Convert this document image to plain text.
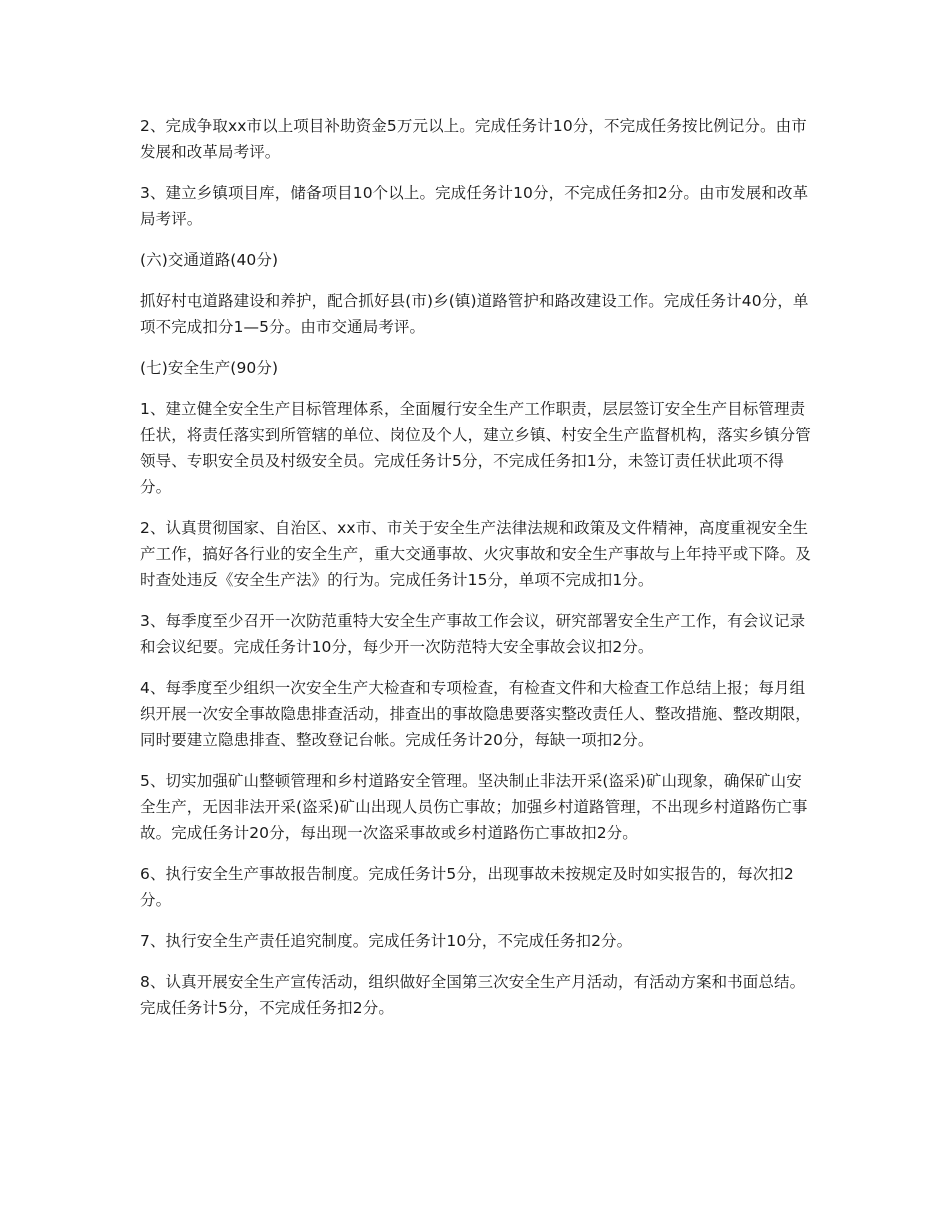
2、完成争取xx市以上项目补助资金5万元以上。完成任务计10分，不完成任务按比例记分。由市发展和改革局考评。

3、建立乡镇项目库，储备项目10个以上。完成任务计10分，不完成任务扣2分。由市发展和改革局考评。

(六)交通道路(40分)

抓好村屯道路建设和养护，配合抓好县(市)乡(镇)道路管护和路改建设工作。完成任务计40分，单项不完成扣分1—5分。由市交通局考评。

(七)安全生产(90分)

1、建立健全安全生产目标管理体系，全面履行安全生产工作职责，层层签订安全生产目标管理责任状，将责任落实到所管辖的单位、岗位及个人，建立乡镇、村安全生产监督机构，落实乡镇分管领导、专职安全员及村级安全员。完成任务计5分，不完成任务扣1分，未签订责任状此项不得分。

2、认真贯彻国家、自治区、xx市、市关于安全生产法律法规和政策及文件精神，高度重视安全生产工作，搞好各行业的安全生产，重大交通事故、火灾事故和安全生产事故与上年持平或下降。及时查处违反《安全生产法》的行为。完成任务计15分，单项不完成扣1分。

3、每季度至少召开一次防范重特大安全生产事故工作会议，研究部署安全生产工作，有会议记录和会议纪要。完成任务计10分，每少开一次防范特大安全事故会议扣2分。

4、每季度至少组织一次安全生产大检查和专项检查，有检查文件和大检查工作总结上报；每月组织开展一次安全事故隐患排查活动，排查出的事故隐患要落实整改责任人、整改措施、整改期限，同时要建立隐患排查、整改登记台帐。完成任务计20分，每缺一项扣2分。

5、切实加强矿山整顿管理和乡村道路安全管理。坚决制止非法开采(盗采)矿山现象，确保矿山安全生产，无因非法开采(盗采)矿山出现人员伤亡事故；加强乡村道路管理，不出现乡村道路伤亡事故。完成任务计20分，每出现一次盗采事故或乡村道路伤亡事故扣2分。

6、执行安全生产事故报告制度。完成任务计5分，出现事故未按规定及时如实报告的，每次扣2分。

7、执行安全生产责任追究制度。完成任务计10分，不完成任务扣2分。

8、认真开展安全生产宣传活动，组织做好全国第三次安全生产月活动，有活动方案和书面总结。完成任务计5分，不完成任务扣2分。
